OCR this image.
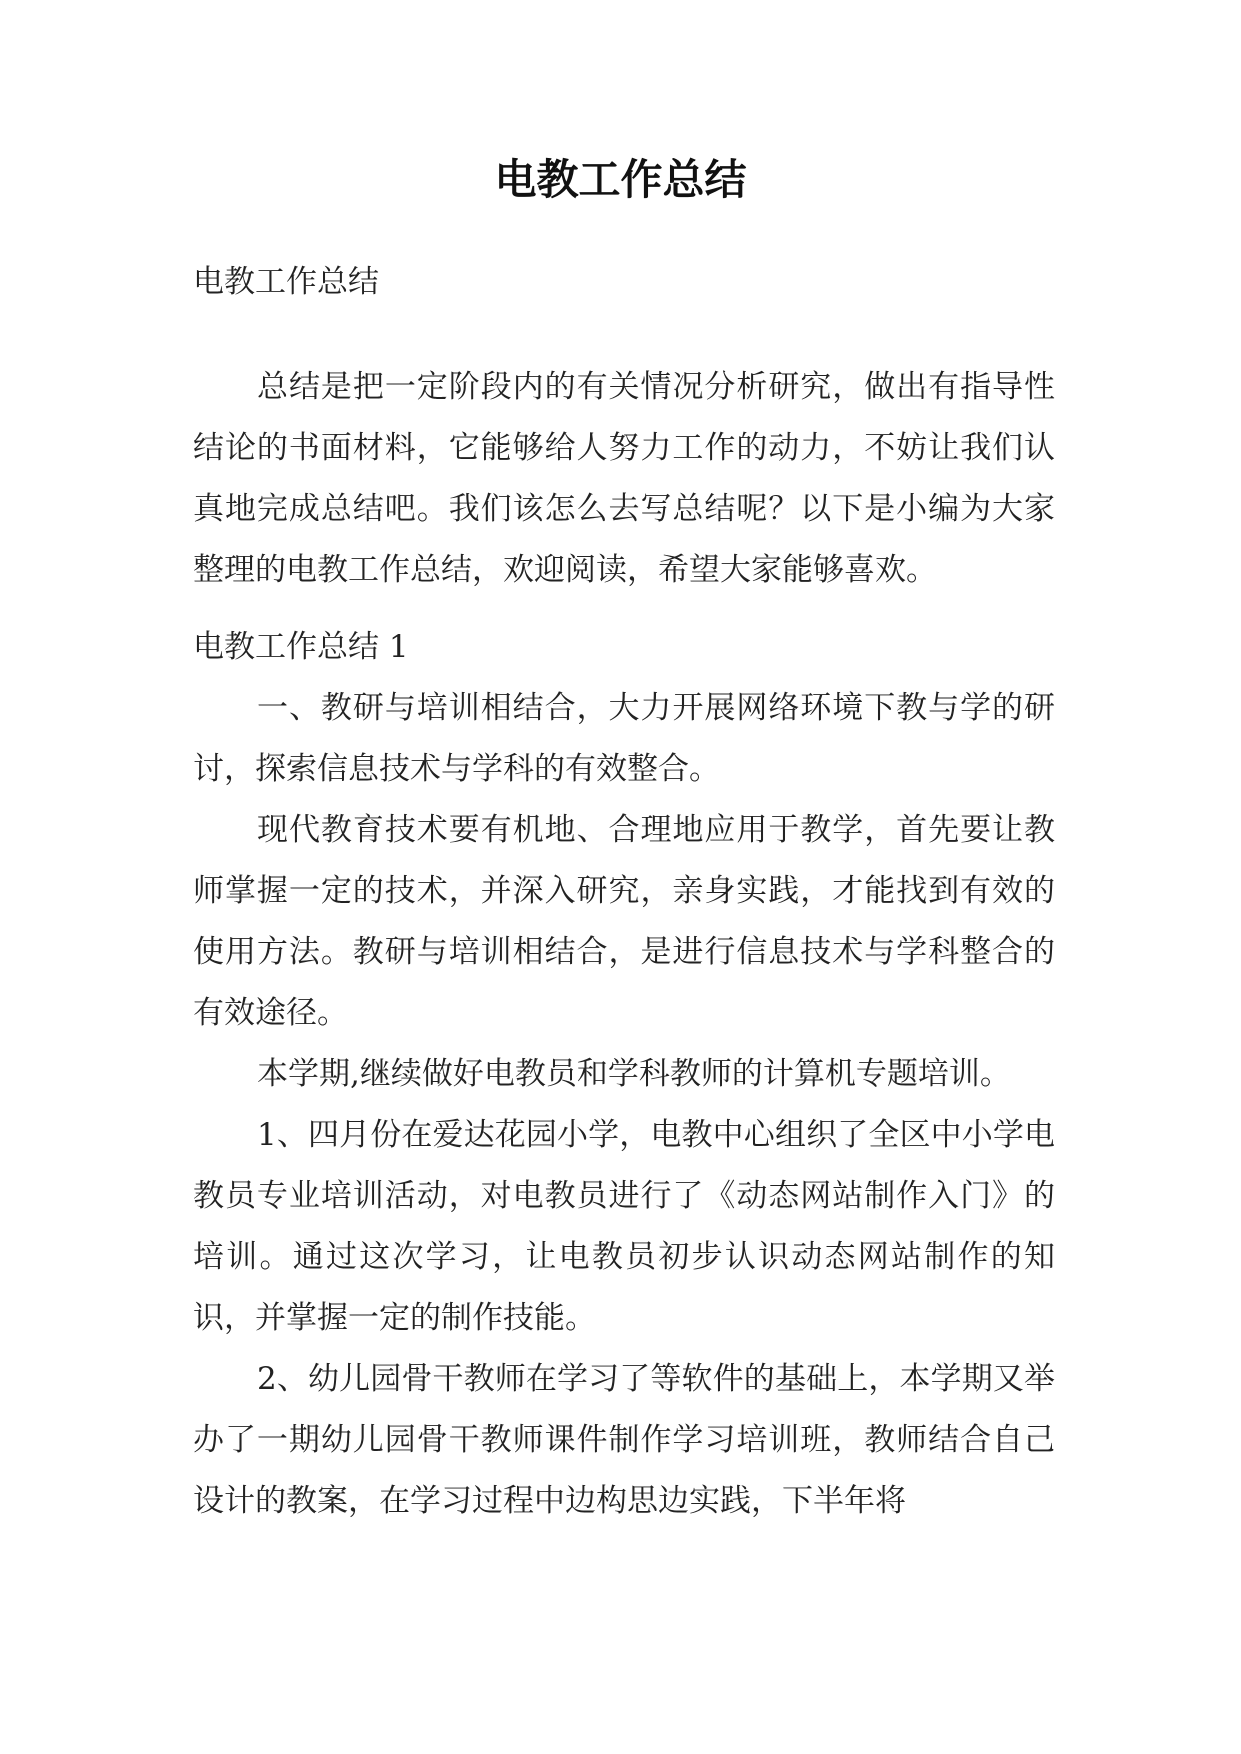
电教工作总结

电教工作总结

总结是把一定阶段内的有关情况分析研究，做出有指导性结论的书面材料，它能够给人努力工作的动力，不妨让我们认真地完成总结吧。我们该怎么去写总结呢？以下是小编为大家整理的电教工作总结，欢迎阅读，希望大家能够喜欢。

电教工作总结 1

一、教研与培训相结合，大力开展网络环境下教与学的研讨，探索信息技术与学科的有效整合。

现代教育技术要有机地、合理地应用于教学，首先要让教师掌握一定的技术，并深入研究，亲身实践，才能找到有效的使用方法。教研与培训相结合，是进行信息技术与学科整合的有效途径。

本学期,继续做好电教员和学科教师的计算机专题培训。

1、四月份在爱达花园小学，电教中心组织了全区中小学电教员专业培训活动，对电教员进行了《动态网站制作入门》的培训。通过这次学习，让电教员初步认识动态网站制作的知识，并掌握一定的制作技能。

2、幼儿园骨干教师在学习了等软件的基础上，本学期又举办了一期幼儿园骨干教师课件制作学习培训班，教师结合自己设计的教案，在学习过程中边构思边实践，下半年将
